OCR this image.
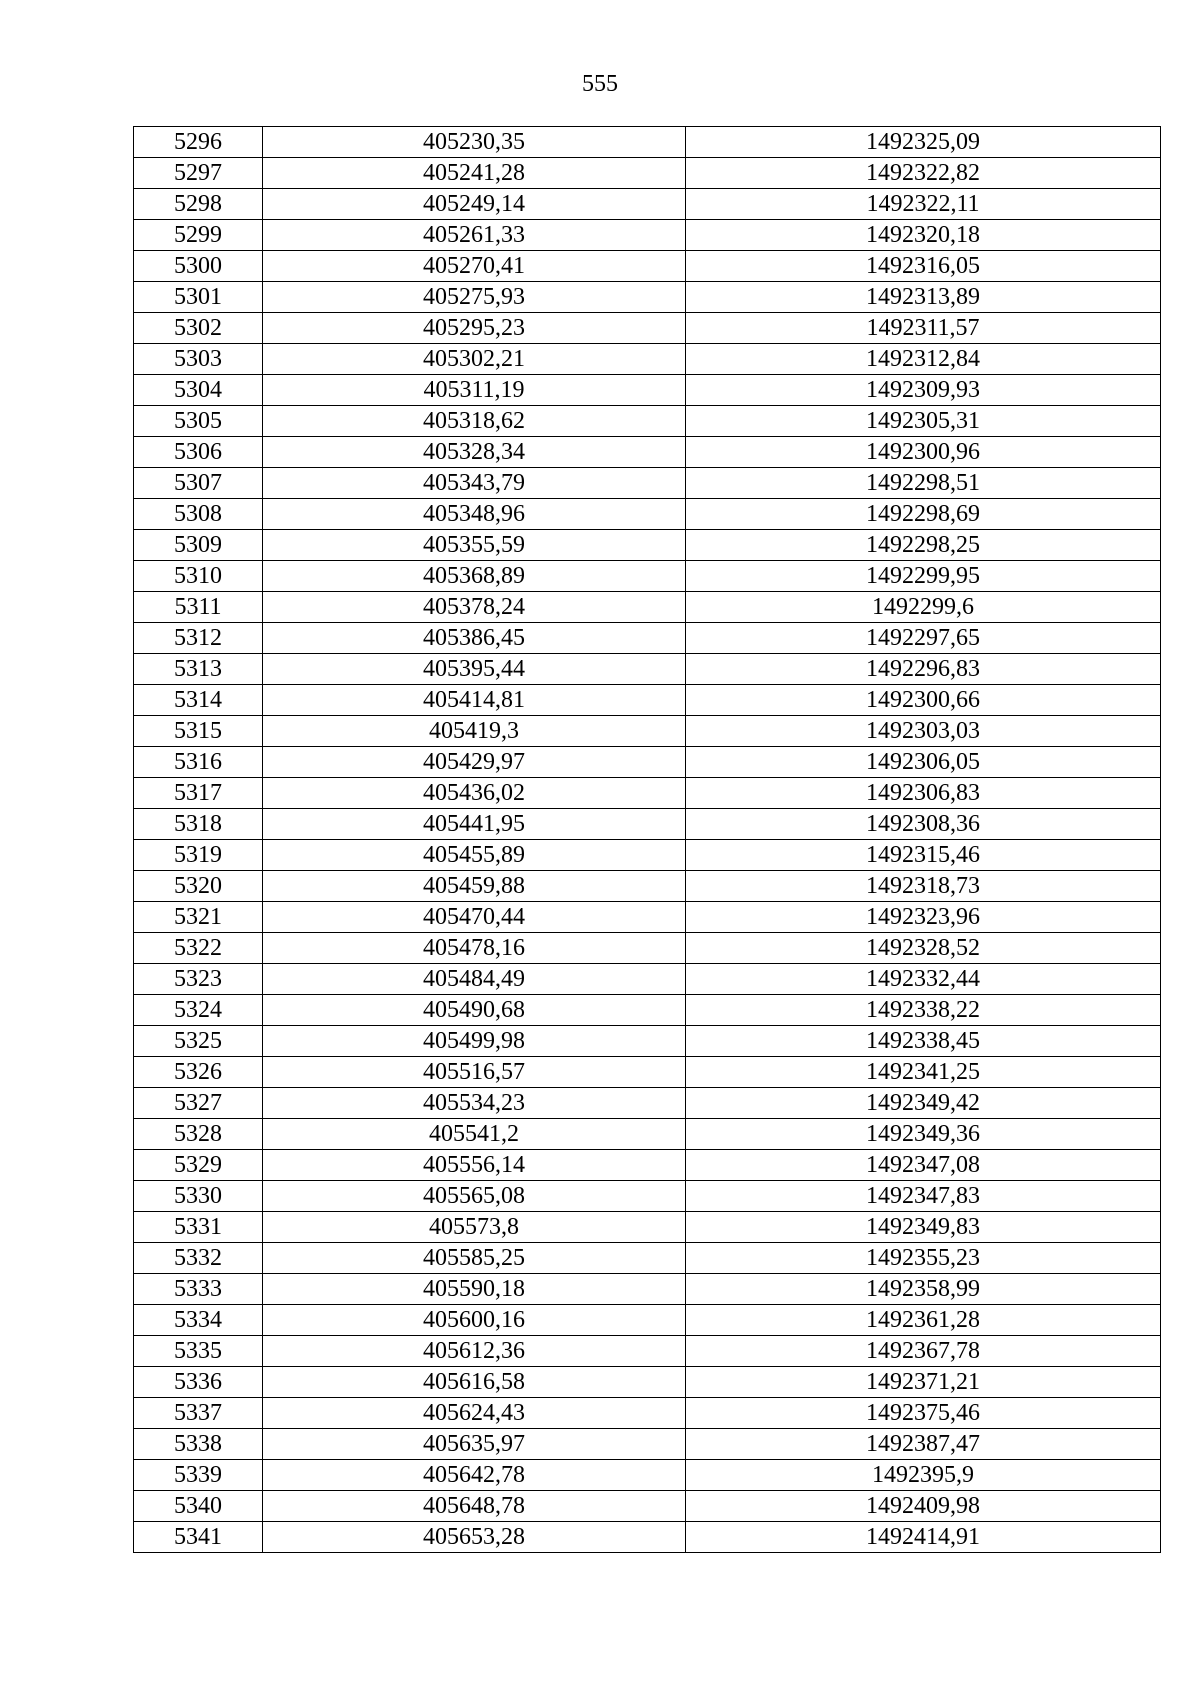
555
5296	405230,35	1492325,09
5297	405241,28	1492322,82
5298	405249,14	1492322,11
5299	405261,33	1492320,18
5300	405270,41	1492316,05
5301	405275,93	1492313,89
5302	405295,23	1492311,57
5303	405302,21	1492312,84
5304	405311,19	1492309,93
5305	405318,62	1492305,31
5306	405328,34	1492300,96
5307	405343,79	1492298,51
5308	405348,96	1492298,69
5309	405355,59	1492298,25
5310	405368,89	1492299,95
5311	405378,24	1492299,6
5312	405386,45	1492297,65
5313	405395,44	1492296,83
5314	405414,81	1492300,66
5315	405419,3	1492303,03
5316	405429,97	1492306,05
5317	405436,02	1492306,83
5318	405441,95	1492308,36
5319	405455,89	1492315,46
5320	405459,88	1492318,73
5321	405470,44	1492323,96
5322	405478,16	1492328,52
5323	405484,49	1492332,44
5324	405490,68	1492338,22
5325	405499,98	1492338,45
5326	405516,57	1492341,25
5327	405534,23	1492349,42
5328	405541,2	1492349,36
5329	405556,14	1492347,08
5330	405565,08	1492347,83
5331	405573,8	1492349,83
5332	405585,25	1492355,23
5333	405590,18	1492358,99
5334	405600,16	1492361,28
5335	405612,36	1492367,78
5336	405616,58	1492371,21
5337	405624,43	1492375,46
5338	405635,97	1492387,47
5339	405642,78	1492395,9
5340	405648,78	1492409,98
5341	405653,28	1492414,91
